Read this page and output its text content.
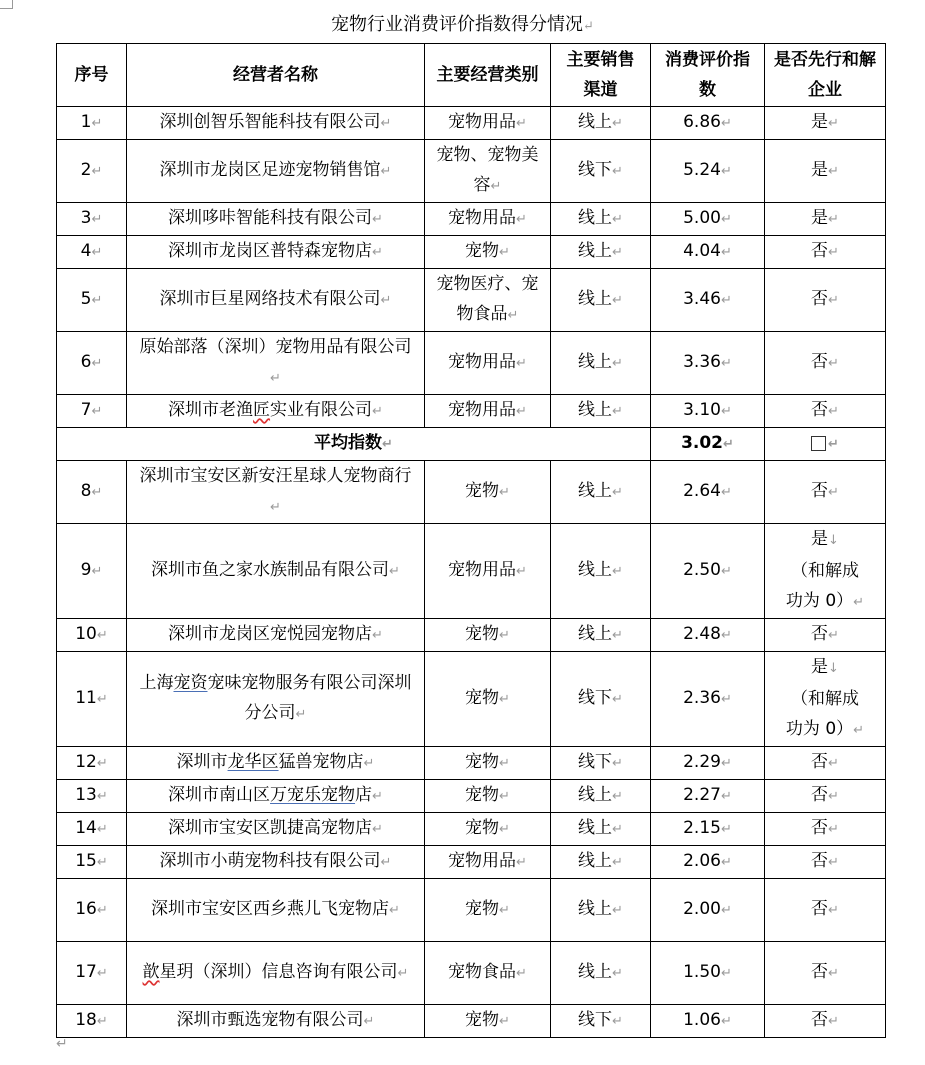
宠物行业消费评价指数得分情况↵
序号	经营者名称	主要经营类别	主要销售渠道	消费评价指数	是否先行和解企业
1↵	深圳创智乐智能科技有限公司↵	宠物用品↵	线上↵	6.86↵	是↵
2↵	深圳市龙岗区足迹宠物销售馆↵	宠物、宠物美容↵	线下↵	5.24↵	是↵
3↵	深圳哆咔智能科技有限公司↵	宠物用品↵	线上↵	5.00↵	是↵
4↵	深圳市龙岗区普特森宠物店↵	宠物↵	线上↵	4.04↵	否↵
5↵	深圳市巨星网络技术有限公司↵	宠物医疗、宠物食品↵	线上↵	3.46↵	否↵
6↵	原始部落（深圳）宠物用品有限公司↵	宠物用品↵	线上↵	3.36↵	否↵
7↵	深圳市老渔匠实业有限公司↵	宠物用品↵	线上↵	3.10↵	否↵
平均指数↵				3.02↵	↵
8↵	深圳市宝安区新安汪星球人宠物商行↵	宠物↵	线上↵	2.64↵	否↵
9↵	深圳市鱼之家水族制品有限公司↵	宠物用品↵	线上↵	2.50↵	是↓
（和解成
功为 0）↵
10↵	深圳市龙岗区宠悦园宠物店↵	宠物↵	线上↵	2.48↵	否↵
11↵	上海宠资宠味宠物服务有限公司深圳分公司↵	宠物↵	线下↵	2.36↵	是↓
（和解成
功为 0）↵
12↵	深圳市龙华区猛兽宠物店↵	宠物↵	线下↵	2.29↵	否↵
13↵	深圳市南山区万宠乐宠物店↵	宠物↵	线上↵	2.27↵	否↵
14↵	深圳市宝安区凯捷高宠物店↵	宠物↵	线上↵	2.15↵	否↵
15↵	深圳市小萌宠物科技有限公司↵	宠物用品↵	线上↵	2.06↵	否↵
16↵	深圳市宝安区西乡燕儿飞宠物店↵	宠物↵	线上↵	2.00↵	否↵
17↵	歆星玥（深圳）信息咨询有限公司↵	宠物食品↵	线上↵	1.50↵	否↵
18↵	深圳市甄选宠物有限公司↵	宠物↵	线下↵	1.06↵	否↵
↵
